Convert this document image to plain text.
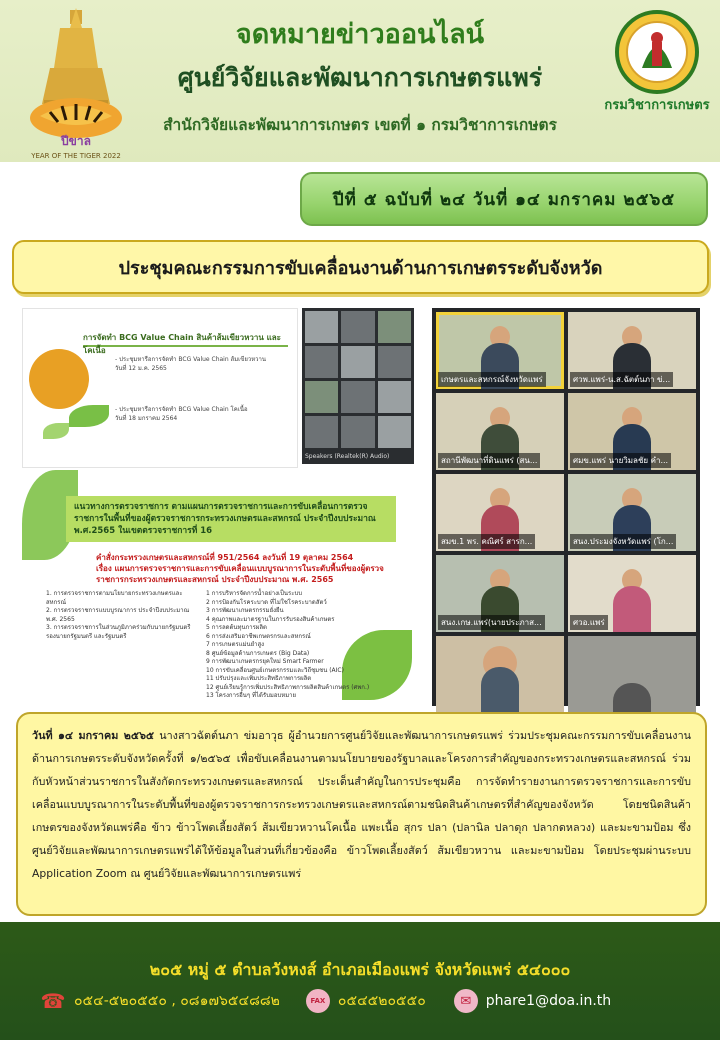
ปีขาล
YEAR OF THE TIGER 2022
จดหมายข่าวออนไลน์
ศูนย์วิจัยและพัฒนาการเกษตรแพร่
สำนักวิจัยและพัฒนาการเกษตร เขตที่ ๑ กรมวิชาการเกษตร
กรมวิชาการเกษตร
ปีที่ ๕ ฉบับที่ ๒๔ วันที่ ๑๔ มกราคม ๒๕๖๕
ประชุมคณะกรรมการขับเคลื่อนงานด้านการเกษตรระดับจังหวัด
การจัดทำ BCG Value Chain สินค้าส้มเขียวหวาน และโคเนื้อ
- ประชุมหารือการจัดทำ BCG Value Chain ส้มเขียวหวาน
วันที่ 12 ม.ค. 2565
- ประชุมหารือการจัดทำ BCG Value Chain โคเนื้อ
วันที่ 18 มกราคม 2564
Speakers (Realtek(R) Audio)
แนวทางการตรวจราชการ ตามแผนการตรวจราชการและการขับเคลื่อนการตรวจราชการในพื้นที่ของผู้ตรวจราชการกระทรวงเกษตรและสหกรณ์ ประจำปีงบประมาณ พ.ศ.2565 ในเขตตรวจราชการที่ 16
คำสั่งกระทรวงเกษตรและสหกรณ์ที่ 951/2564 ลงวันที่ 19 ตุลาคม 2564
เรื่อง แผนการตรวจราชการและการขับเคลื่อนแบบบูรณาการในระดับพื้นที่ของผู้ตรวจราชการกระทรวงเกษตรและสหกรณ์ ประจำปีงบประมาณ พ.ศ. 2565
1. การตรวจราชการตามนโยบายกระทรวงเกษตรและสหกรณ์
2. การตรวจราชการแบบบูรณาการ ประจำปีงบประมาณ พ.ศ. 2565
3. การตรวจราชการในส่วนภูมิภาคร่วมกับนายกรัฐมนตรี รองนายกรัฐมนตรี และรัฐมนตรี
1 การบริหารจัดการน้ำอย่างเป็นระบบ
2 การป้องกันโรคระบาด ที่ไม่ใช่โรคระบาดสัตว์
3 การพัฒนาเกษตรกรรมยั่งยืน
4 คุณภาพและมาตรฐานในการรับรองสินค้าเกษตร
5 การลดต้นทุนการผลิต
6 การส่งเสริมอาชีพเกษตรกรและสหกรณ์
7 การเกษตรแม่นยำสูง
8 ศูนย์ข้อมูลด้านการเกษตร (Big Data)
9 การพัฒนาเกษตรกรยุคใหม่ Smart Farmer
10 การขับเคลื่อนศูนย์เกษตรกรรมและวิถีชุมชน (AIC)
11 ปรับปรุงและเพิ่มประสิทธิภาพการผลิต
12 ศูนย์เรียนรู้การเพิ่มประสิทธิภาพการผลิตสินค้าเกษตร (ศพก.)
13 โครงการอื่นๆ ที่ได้รับมอบหมาย
เกษตรและสหกรณ์จังหวัดแพร่	ศวพ.แพร่-น.ส.ฉัตต์นภา ข่...
สถานีพัฒนาที่ดินแพร่ (สน...	ศมข.แพร่ นายวิมลชัย คำ...
สมข.1 พร. คณิศร์ สารก...	สนง.ประมงจังหวัดแพร่ (โก...
สนง.เกษ.แพร่(นายประภาส...	ศวอ.แพร่
วันที่ ๑๔ มกราคม ๒๕๖๕ นางสาวฉัตต์นภา ข่มอาวุธ ผู้อำนวยการศูนย์วิจัยและพัฒนาการเกษตรแพร่ ร่วมประชุมคณะกรรมการขับเคลื่อนงานด้านการเกษตรระดับจังหวัดครั้งที่ ๑/๒๕๖๕ เพื่อขับเคลื่อนงานตามนโยบายของรัฐบาลและโครงการสำคัญของกระทรวงเกษตรและสหกรณ์ ร่วมกับหัวหน้าส่วนราชการในสังกัดกระทรวงเกษตรและสหกรณ์ ประเด็นสำคัญในการประชุมคือ การจัดทำรายงานการตรวจราชการและการขับเคลื่อนแบบบูรณาการในระดับพื้นที่ของผู้ตรวจราชการกระทรวงเกษตรและสหกรณ์ตามชนิดสินค้าเกษตรที่สำคัญของจังหวัด โดยชนิดสินค้าเกษตรของจังหวัดแพร่คือ ข้าว ข้าวโพดเลี้ยงสัตว์ ส้มเขียวหวานโคเนื้อ แพะเนื้อ สุกร ปลา (ปลานิล ปลาดุก ปลากดหลวง) และมะขามป้อม ซึ่งศูนย์วิจัยและพัฒนาการเกษตรแพร่ได้ให้ข้อมูลในส่วนที่เกี่ยวข้องคือ ข้าวโพดเลี้ยงสัตว์ ส้มเขียวหวาน และมะขามป้อม โดยประชุมผ่านระบบ Application Zoom ณ ศูนย์วิจัยและพัฒนาการเกษตรแพร่
๒๐๕ หมู่ ๕ ตำบลวังหงส์ อำเภอเมืองแพร่ จังหวัดแพร่ ๕๔๐๐๐
☎ ๐๕๔-๕๒๐๕๕๐ , ๐๘๑๗๖๕๔๘๘๒	FAX ๐๕๔๕๒๐๕๕๐	✉	phare1@doa.in.th
